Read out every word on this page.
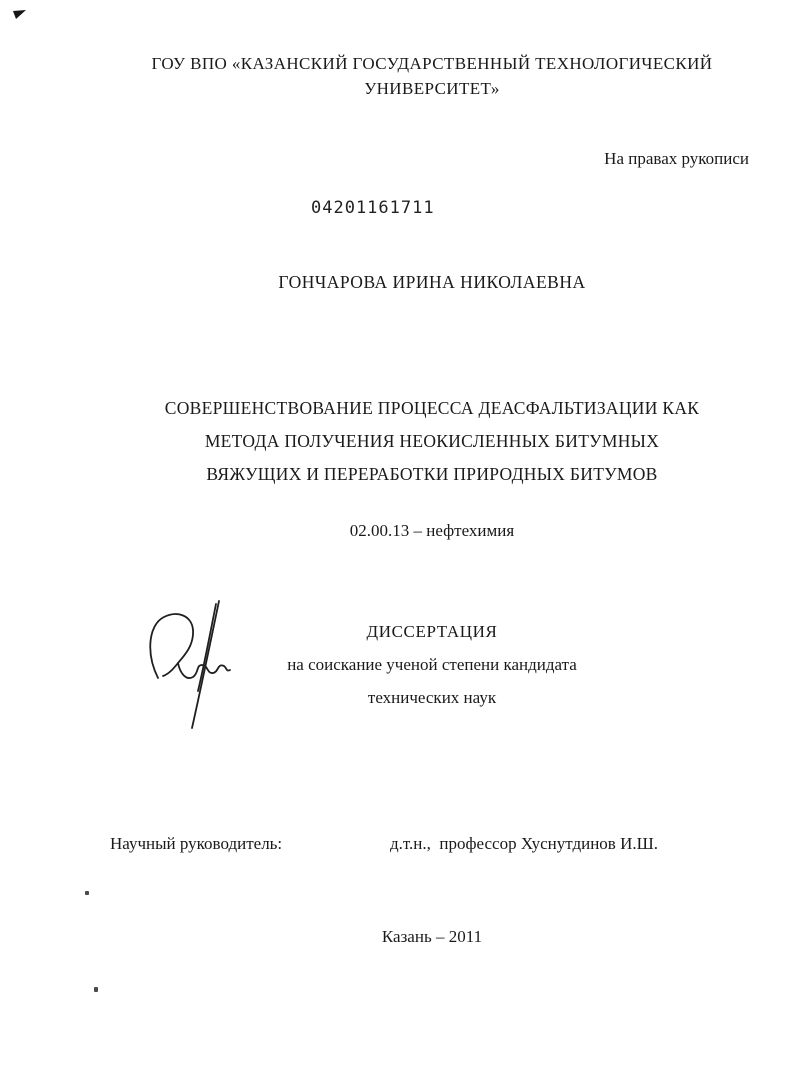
ГОУ ВПО «КАЗАНСКИЙ ГОСУДАРСТВЕННЫЙ ТЕХНОЛОГИЧЕСКИЙ
УНИВЕРСИТЕТ»
На правах рукописи
04201161711
ГОНЧАРОВА ИРИНА НИКОЛАЕВНА
СОВЕРШЕНСТВОВАНИЕ ПРОЦЕССА ДЕАСФАЛЬТИЗАЦИИ КАК
МЕТОДА ПОЛУЧЕНИЯ НЕОКИСЛЕННЫХ БИТУМНЫХ
ВЯЖУЩИХ И ПЕРЕРАБОТКИ ПРИРОДНЫХ БИТУМОВ
02.00.13 – нефтехимия
ДИССЕРТАЦИЯ
на соискание ученой степени кандидата
технических наук
Научный руководитель:	д.т.н.,  профессор Хуснутдинов И.Ш.
Казань – 2011
